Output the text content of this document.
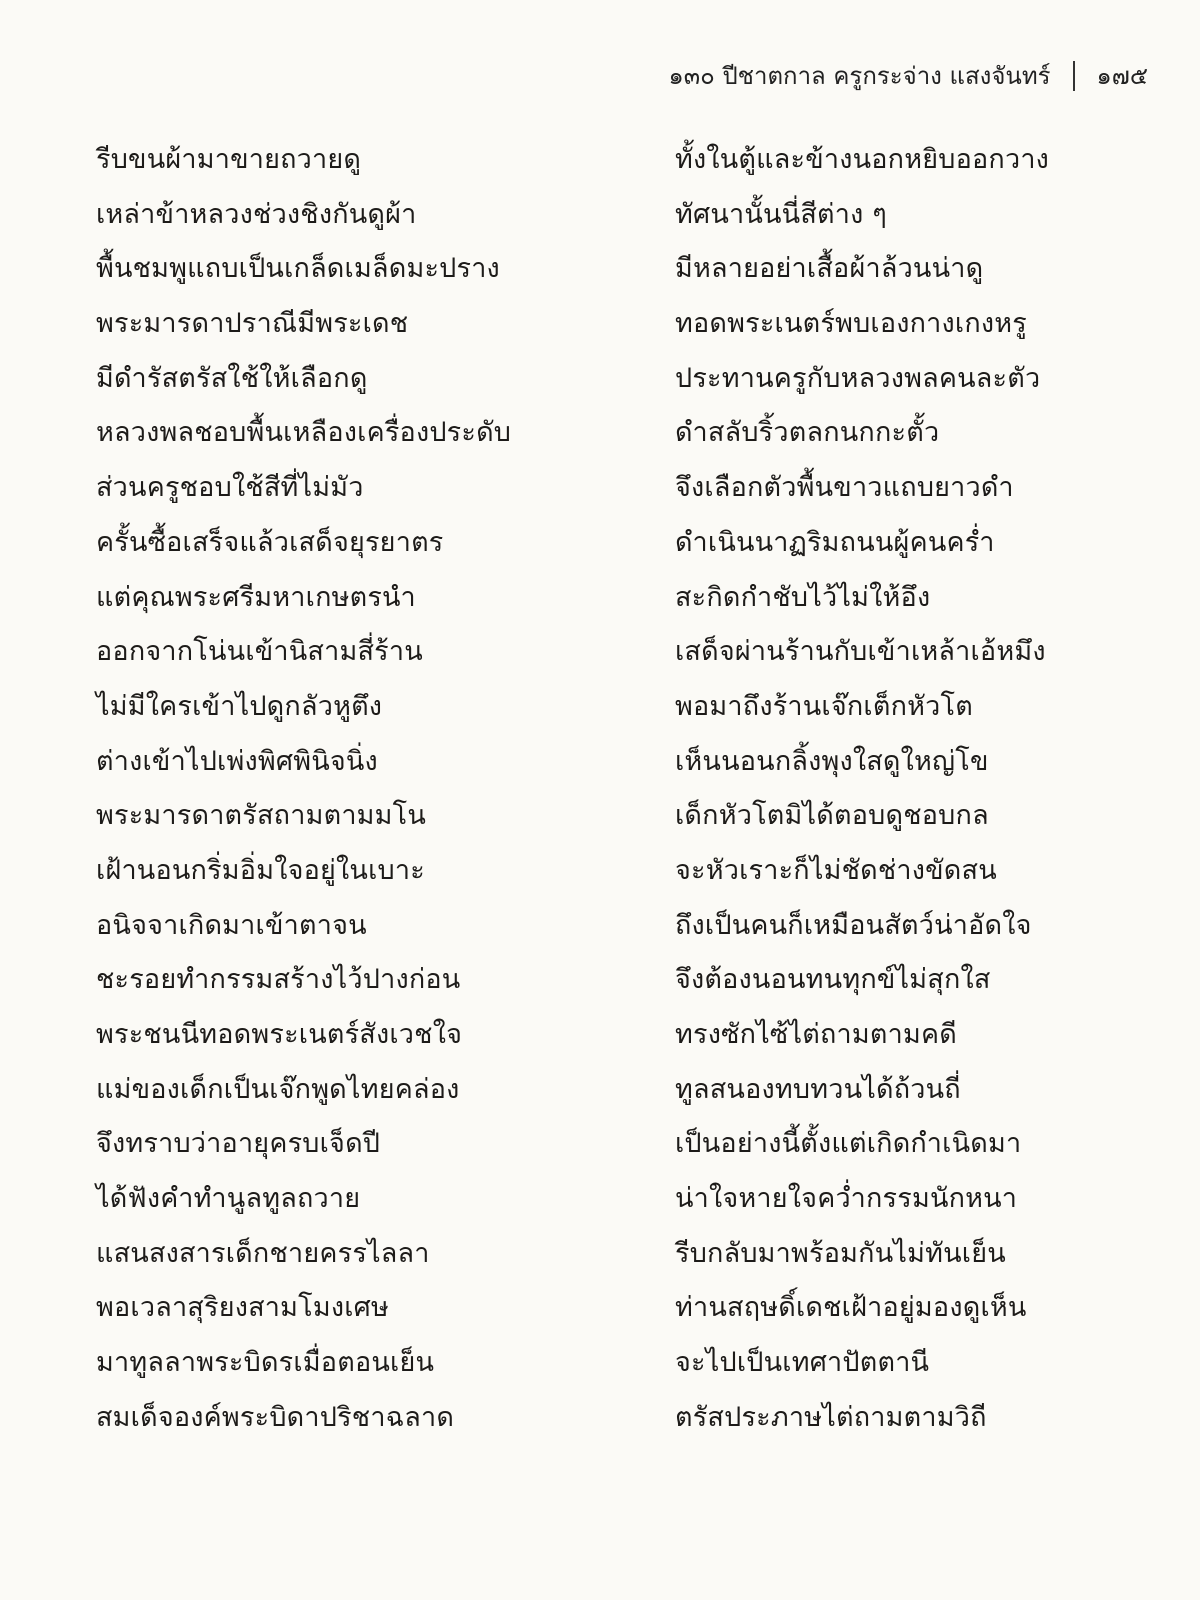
๑๓๐ ปีชาตกาล ครูกระจ่าง แสงจันทร์ ๑๗๕
รีบขนผ้ามาขายถวายดู
เหล่าข้าหลวงช่วงชิงกันดูผ้า
พื้นชมพูแถบเป็นเกล็ดเมล็ดมะปราง
พระมารดาปราณีมีพระเดช
มีดำรัสตรัสใช้ให้เลือกดู
หลวงพลชอบพื้นเหลืองเครื่องประดับ
ส่วนครูชอบใช้สีที่ไม่มัว
ครั้นซื้อเสร็จแล้วเสด็จยุรยาตร
แต่คุณพระศรีมหาเกษตรนำ
ออกจากโน่นเข้านิสามสี่ร้าน
ไม่มีใครเข้าไปดูกลัวหูตึง
ต่างเข้าไปเพ่งพิศพินิจนิ่ง
พระมารดาตรัสถามตามมโน
เฝ้านอนกริ่มอิ่มใจอยู่ในเบาะ
อนิจจาเกิดมาเข้าตาจน
ชะรอยทำกรรมสร้างไว้ปางก่อน
พระชนนีทอดพระเนตร์สังเวชใจ
แม่ของเด็กเป็นเจ๊กพูดไทยคล่อง
จึงทราบว่าอายุครบเจ็ดปี
ได้ฟังคำทำนูลทูลถวาย
แสนสงสารเด็กชายครรไลลา
พอเวลาสุริยงสามโมงเศษ
มาทูลลาพระบิดรเมื่อตอนเย็น
สมเด็จองค์พระบิดาปริชาฉลาด
ทั้งในตู้และข้างนอกหยิบออกวาง
ทัศนานั้นนี่สีต่าง ๆ
มีหลายอย่าเสื้อผ้าล้วนน่าดู
ทอดพระเนตร์พบเองกางเกงหรู
ประทานครูกับหลวงพลคนละตัว
ดำสลับริ้วตลกนกกะตั้ว
จึงเลือกตัวพื้นขาวแถบยาวดำ
ดำเนินนาฏริมถนนผู้คนคร่ำ
สะกิดกำชับไว้ไม่ให้อึง
เสด็จผ่านร้านกับเข้าเหล้าเอ้หมึง
พอมาถึงร้านเจ๊กเต็กหัวโต
เห็นนอนกลิ้งพุงใสดูใหญ่โข
เด็กหัวโตมิได้ตอบดูชอบกล
จะหัวเราะก็ไม่ชัดช่างขัดสน
ถึงเป็นคนก็เหมือนสัตว์น่าอัดใจ
จึงต้องนอนทนทุกข์ไม่สุกใส
ทรงซักไซ้ไต่ถามตามคดี
ทูลสนองทบทวนได้ถ้วนถี่
เป็นอย่างนี้ตั้งแต่เกิดกำเนิดมา
น่าใจหายใจคว่ำกรรมนักหนา
รีบกลับมาพร้อมกันไม่ทันเย็น
ท่านสฤษดิ์เดชเฝ้าอยู่มองดูเห็น
จะไปเป็นเทศาปัตตานี
ตรัสประภาษไต่ถามตามวิถี
